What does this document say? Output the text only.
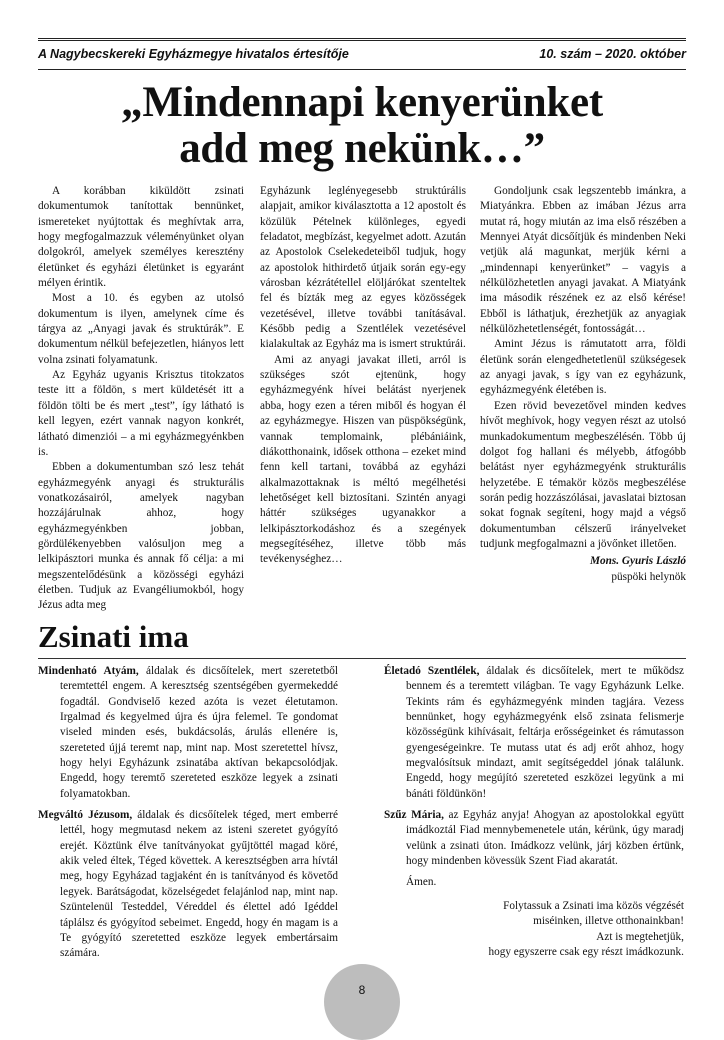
A Nagybecskereki Egyházmegye hivatalos értesítője	10. szám – 2020. október
„Mindennapi kenyerünket
add meg nekünk…”

A korábban kiküldött zsinati dokumentumok tanítottak bennünket, ismereteket nyújtottak és meghívtak arra, hogy megfogalmazzuk véleményünket olyan dolgokról, amelyek személyes keresztény életünket és egyházi életünket is egyaránt mélyen érintik.

Most a 10. és egyben az utolsó dokumentum is ilyen, amelynek címe és tárgya az „Anyagi javak és struktúrák”. E dokumentum nélkül befejezetlen, hiányos lett volna zsinati folyamatunk.

Az Egyház ugyanis Krisztus titokzatos teste itt a földön, s mert küldetését itt a földön tölti be és mert „test”, így látható is kell legyen, ezért vannak nagyon konkrét, látható dimenziói – a mi egyházmegyénkben is.

Ebben a dokumentumban szó lesz tehát egyházmegyénk anyagi és strukturális vonatkozásairól, amelyek nagyban hozzájárulnak ahhoz, hogy egyházmegyénkben jobban, gördülékenyebben valósuljon meg a lelkipásztori munka és annak fő célja: a mi megszentelődésünk a közösségi egyházi életben. Tudjuk az Evangéliumokból, hogy Jézus adta meg

Egyházunk leglényegesebb struktúrális alapjait, amikor kiválasztotta a 12 apostolt és közülük Pételnek különleges, egyedi feladatot, megbízást, kegyelmet adott. Azután az Apostolok Cselekedeteiből tudjuk, hogy az apostolok hithirdető útjaik során egy-egy városban kézrátétellel elöljárókat szenteltek fel és bízták meg az egyes közösségek vezetésével, illetve további tanításával. Később pedig a Szentlélek vezetésével kialakultak az Egyház ma is ismert struktúrái.

Ami az anyagi javakat illeti, arról is szükséges szót ejtenünk, hogy egyházmegyénk hívei belátást nyerjenek abba, hogy ezen a téren miből és hogyan él az egyházmegye. Hiszen van püspökségünk, vannak templomaink, plébániáink, diákotthonaink, idősek otthona – ezeket mind fenn kell tartani, továbbá az egyházi alkalmazottaknak is méltó megélhetési lehetőséget kell biztosítani. Szintén anyagi háttér szükséges ugyanakkor a lelkipásztorkodáshoz és a szegények megsegítéséhez, illetve több más tevékenységhez…

Gondoljunk csak legszentebb imánkra, a Miatyánkra. Ebben az imában Jézus arra mutat rá, hogy miután az ima első részében a Mennyei Atyát dicsőítjük és mindenben Neki vetjük alá magunkat, merjük kérni a „mindennapi kenyerünket” – vagyis a nélkülözhetetlen anyagi javakat. A Miatyánk ima második részének ez az első kérése! Ebből is láthatjuk, érezhetjük az anyagiak nélkülözhetetlenségét, fontosságát…

Amint Jézus is rámutatott arra, földi életünk során elengedhetetlenül szükségesek az anyagi javak, s így van ez egyházunk, egyházmegyénk életében is.

Ezen rövid bevezetővel minden kedves hívőt meghívok, hogy vegyen részt az utolsó munkadokumentum megbeszélésén. Több új dolgot fog hallani és mélyebb, átfogóbb belátást nyer egyházmegyénk strukturális helyzetébe. E témakör közös megbeszélése során pedig hozzászólásai, javaslatai biztosan sokat fognak segíteni, hogy majd a végső dokumentumban célszerű irányelveket tudjunk megfogalmazni a jövőnket illetően.

Mons. Gyuris László

püspöki helynök

Zsinati ima

Mindenható Atyám, áldalak és dicsőítelek, mert szeretetből teremtettél engem. A keresztség szentségében gyermekeddé fogadtál. Gondviselő kezed azóta is vezet életutamon. Irgalmad és kegyelmed újra és újra felemel. Te gondomat viseled minden esés, bukdácsolás, árulás ellenére is, szereteted újjá teremt nap, mint nap. Most szeretettel hívsz, hogy helyi Egyházunk zsinatába aktívan bekapcsolódjak. Engedd, hogy teremtő szereteted eszköze legyek a zsinati folyamatokban.

Megváltó Jézusom, áldalak és dicsőítelek téged, mert emberré lettél, hogy megmutasd nekem az isteni szeretet gyógyító erejét. Köztünk élve tanítványokat gyűjtöttél magad köré, akik veled éltek, Téged követtek. A keresztségben arra hívtál meg, hogy Egyházad tagjaként én is tanítványod és követőd legyek. Barátságodat, közelségedet felajánlod nap, mint nap. Szüntelenül Testeddel, Véreddel és élettel adó Igéddel táplálsz és gyógyítod sebeimet. Engedd, hogy én magam is a Te gyógyító szeretetted eszköze legyek embertársaim számára.

Életadó Szentlélek, áldalak és dicsőítelek, mert te működsz bennem és a teremtett világban. Te vagy Egyházunk Lelke. Tekints rám és egyházmegyénk minden tagjára. Vezess bennünket, hogy egyházmegyénk első zsinata felismerje közösségünk kihívásait, feltárja erősségeinket és rámutasson gyengeségeinkre. Te mutass utat és adj erőt ahhoz, hogy megvalósítsuk mindazt, amit segítségeddel jónak találunk. Engedd, hogy megújító szereteted eszközei legyünk a mi bánáti földünkön!

Szűz Mária, az Egyház anyja! Ahogyan az apostolokkal együtt imádkoztál Fiad mennybemenetele után, kérünk, úgy maradj velünk a zsinati úton. Imádkozz velünk, járj közben értünk, hogy mindenben kövessük Szent Fiad akaratát.

Ámen.

Folytassuk a Zsinati ima közös végzését
miséinken, illetve otthonainkban!
Azt is megtehetjük,
hogy egyszerre csak egy részt imádkozunk.
8
